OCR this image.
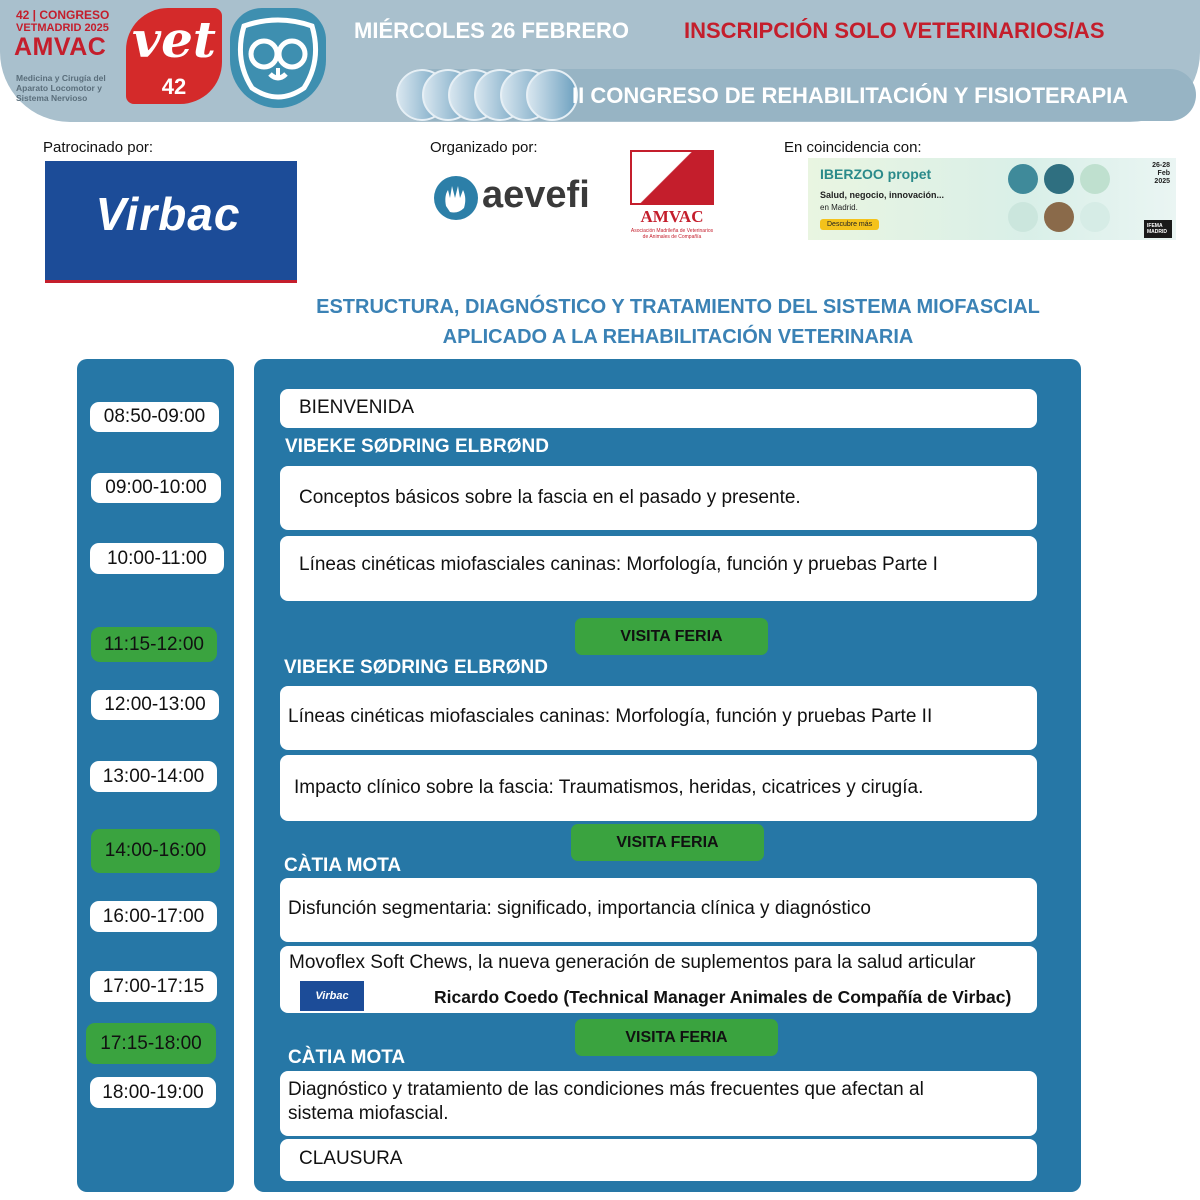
42 | CONGRESO
VETMADRID 2025
AMVAC
Medicina y Cirugía del Aparato Locomotor y Sistema Nervioso
vet
42
MIÉRCOLES 26 FEBRERO INSCRIPCIÓN SOLO VETERINARIOS/AS
II CONGRESO DE REHABILITACIÓN Y FISIOTERAPIA
Patrocinado por:
Virbac
Organizado por:
aevefi
AMVAC
Asociación Madrileña de Veterinarios de Animales de Compañía
En coincidencia con:
IBERZOO propet
Salud, negocio, innovación...
en Madrid.
Descubre más
26-28 Feb 2025
IFEMA MADRID
ESTRUCTURA, DIAGNÓSTICO Y TRATAMIENTO DEL SISTEMA MIOFASCIAL APLICADO A LA REHABILITACIÓN VETERINARIA
08:50-09:00
09:00-10:00
10:00-11:00
11:15-12:00
12:00-13:00
13:00-14:00
14:00-16:00
16:00-17:00
17:00-17:15
17:15-18:00
18:00-19:00
BIENVENIDA
VIBEKE SØDRING ELBRØND
Conceptos básicos sobre la fascia en el pasado y presente.
Líneas cinéticas miofasciales caninas: Morfología, función y pruebas Parte I
VISITA FERIA
VIBEKE SØDRING ELBRØND
Líneas cinéticas miofasciales caninas: Morfología, función y pruebas Parte II
Impacto clínico sobre la fascia: Traumatismos, heridas, cicatrices y cirugía.
VISITA FERIA
CÀTIA MOTA
Disfunción segmentaria: significado, importancia clínica y diagnóstico
Movoflex Soft Chews, la nueva generación de suplementos para la salud articular
Virbac	Ricardo Coedo (Technical Manager Animales de Compañía de Virbac)
VISITA FERIA
CÀTIA MOTA
Diagnóstico y tratamiento de las condiciones más frecuentes que afectan al
sistema miofascial.
CLAUSURA
